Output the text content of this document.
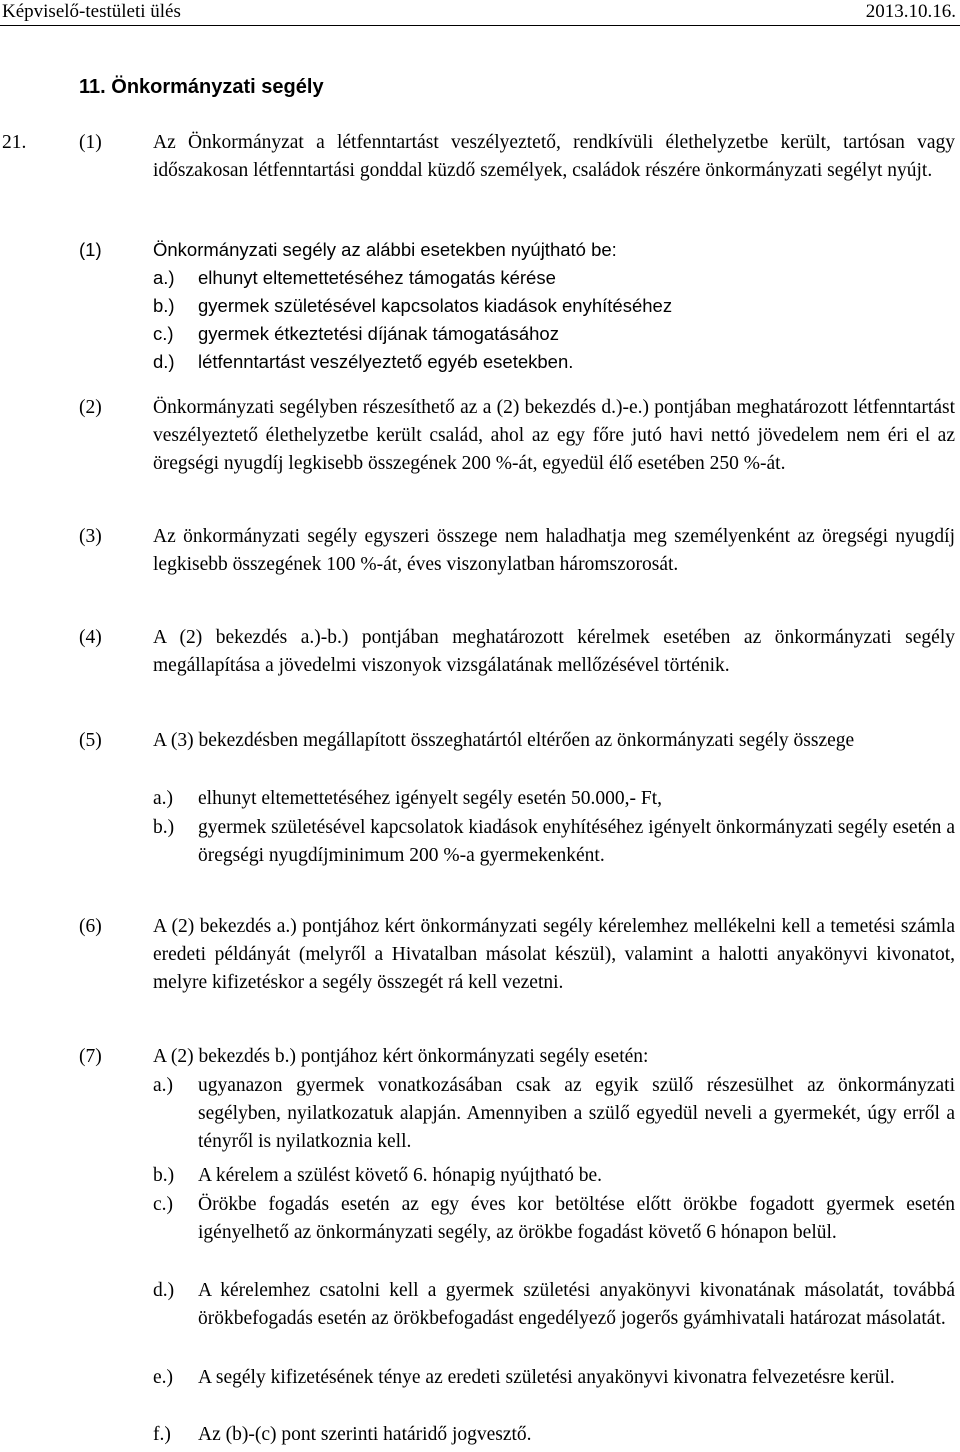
Képviselő-testületi ülés	2013.10.16.
11. Önkormányzati segély
21.	(1)	Az Önkormányzat a létfenntartást veszélyeztető, rendkívüli élethelyzetbe került, tartósan vagy időszakosan létfenntartási gonddal küzdő személyek, családok részére önkormányzati segélyt nyújt.
(1)	Önkormányzati segély az alábbi esetekben nyújtható be:
a.) elhunyt eltemettetéséhez támogatás kérése
b.) gyermek születésével kapcsolatos kiadások enyhítéséhez
c.) gyermek étkeztetési díjának támogatásához
d.) létfenntartást veszélyeztető egyéb esetekben.
(2)	Önkormányzati segélyben részesíthető az a (2) bekezdés d.)-e.) pontjában meghatározott létfenntartást veszélyeztető élethelyzetbe került család, ahol az egy főre jutó havi nettó jövedelem nem éri el az öregségi nyugdíj legkisebb összegének 200 %-át, egyedül élő esetében 250 %-át.
(3)	Az önkormányzati segély egyszeri összege nem haladhatja meg személyenként az öregségi nyugdíj legkisebb összegének 100 %-át, éves viszonylatban háromszorosát.
(4)	A (2) bekezdés a.)-b.) pontjában meghatározott kérelmek esetében az önkormányzati segély megállapítása a jövedelmi viszonyok vizsgálatának mellőzésével történik.
(5)	A (3) bekezdésben megállapított összeghatártól eltérően az önkormányzati segély összege
a.) elhunyt eltemettetéséhez igényelt segély esetén 50.000,- Ft,
b.) gyermek születésével kapcsolatok kiadások enyhítéséhez igényelt önkormányzati segély esetén a öregségi nyugdíjminimum 200 %-a gyermekenként.
(6)	A (2) bekezdés a.) pontjához kért önkormányzati segély kérelemhez mellékelni kell a temetési számla eredeti példányát (melyről a Hivatalban másolat készül), valamint a halotti anyakönyvi kivonatot, melyre kifizetéskor a segély összegét rá kell vezetni.
(7)	A (2) bekezdés b.) pontjához kért önkormányzati segély esetén:
a.) ugyanazon gyermek vonatkozásában csak az egyik szülő részesülhet az önkormányzati segélyben, nyilatkozatuk alapján. Amennyiben a szülő egyedül neveli a gyermekét, úgy erről a tényről is nyilatkoznia kell.
b.) A kérelem a szülést követő 6. hónapig nyújtható be.
c.) Örökbe fogadás esetén az egy éves kor betöltése előtt örökbe fogadott gyermek esetén igényelhető az önkormányzati segély, az örökbe fogadást követő 6 hónapon belül.
d.) A kérelemhez csatolni kell a gyermek születési anyakönyvi kivonatának másolatát, továbbá örökbefogadás esetén az örökbefogadást engedélyező jogerős gyámhivatali határozat másolatát.
e.) A segély kifizetésének ténye az eredeti születési anyakönyvi kivonatra felvezetésre kerül.
f.) Az (b)-(c) pont szerinti határidő jogvesztő.
